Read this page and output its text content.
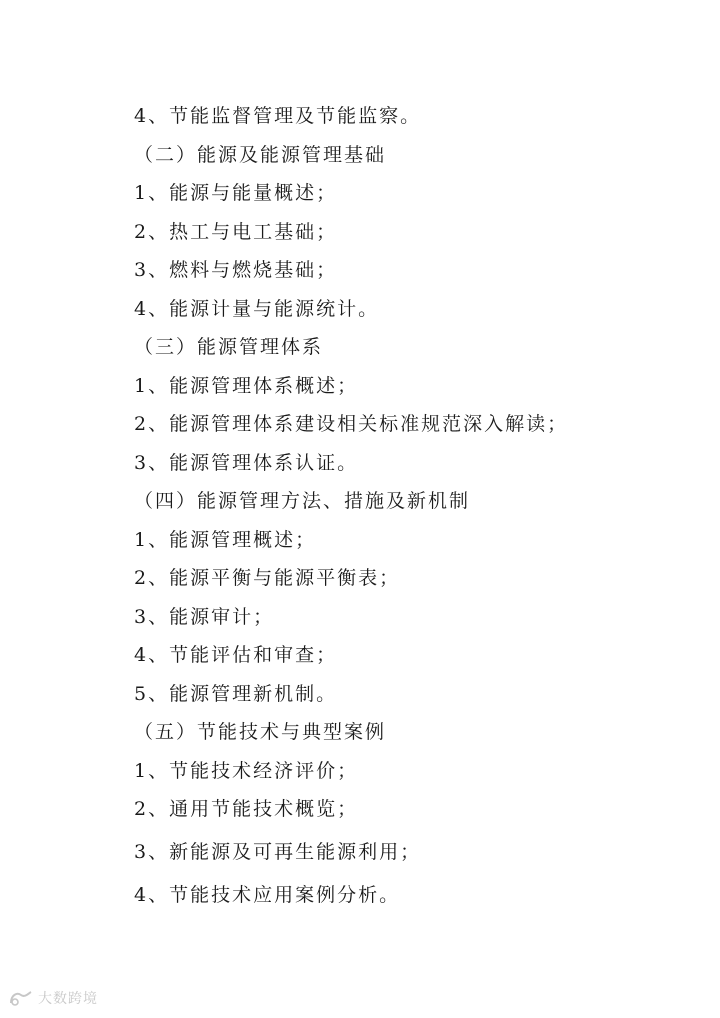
4、节能监督管理及节能监察。
（二）能源及能源管理基础
1、能源与能量概述；
2、热工与电工基础；
3、燃料与燃烧基础；
4、能源计量与能源统计。
（三）能源管理体系
1、能源管理体系概述；
2、能源管理体系建设相关标准规范深入解读；
3、能源管理体系认证。
（四）能源管理方法、措施及新机制
1、能源管理概述；
2、能源平衡与能源平衡表；
3、能源审计；
4、节能评估和审查；
5、能源管理新机制。
（五）节能技术与典型案例
1、节能技术经济评价；
2、通用节能技术概览；
3、新能源及可再生能源利用；
4、节能技术应用案例分析。
大数跨境
